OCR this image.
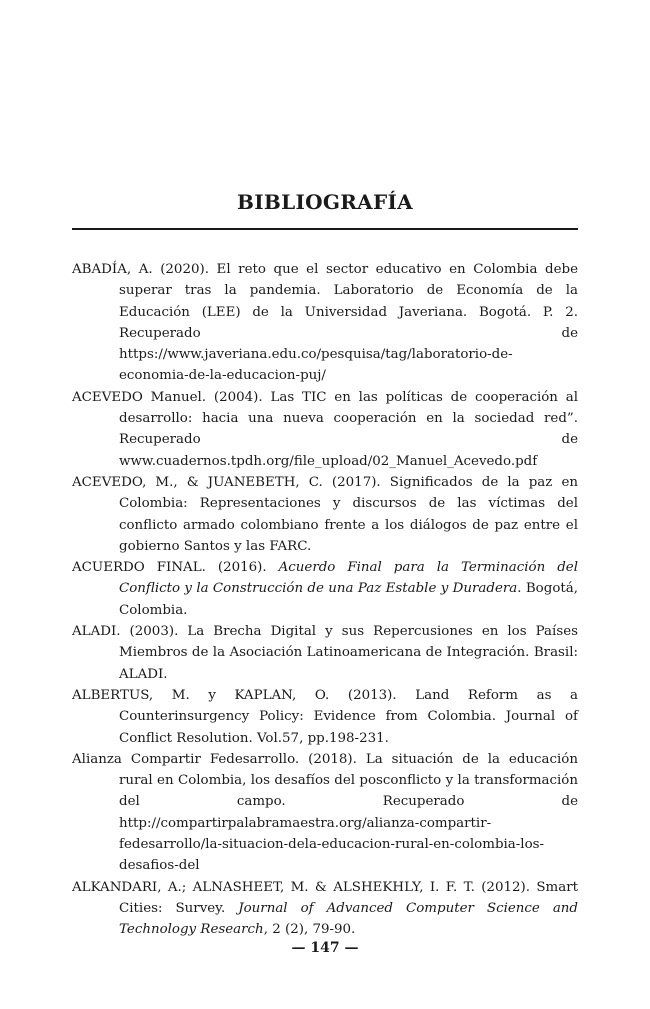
BIBLIOGRAFÍA
ABADÍA, A. (2020). El reto que el sector educativo en Colombia debe superar tras la pandemia. Laboratorio de Economía de la Educación (LEE) de la Universidad Javeriana. Bogotá. P. 2. Recuperado de https://www.javeriana.edu.co/pesquisa/tag/laboratorio-de-economia-de-la-educacion-puj/
ACEVEDO Manuel. (2004). Las TIC en las políticas de cooperación al desarrollo: hacia una nueva cooperación en la sociedad red”. Recuperado de www.cuadernos.tpdh.org/file_upload/02_Manuel_Acevedo.pdf
ACEVEDO, M., & JUANEBETH, C. (2017). Significados de la paz en Colombia: Representaciones y discursos de las víctimas del conflicto armado colombiano frente a los diálogos de paz entre el gobierno Santos y las FARC.
ACUERDO FINAL. (2016). Acuerdo Final para la Terminación del Conflicto y la Construcción de una Paz Estable y Duradera. Bogotá, Colombia.
ALADI. (2003). La Brecha Digital y sus Repercusiones en los Países Miembros de la Asociación Latinoamericana de Integración. Brasil: ALADI.
ALBERTUS, M. y KAPLAN, O. (2013). Land Reform as a Counterinsurgency Policy: Evidence from Colombia. Journal of Conflict Resolution. Vol.57, pp.198-231.
Alianza Compartir Fedesarrollo. (2018). La situación de la educación rural en Colombia, los desafíos del posconflicto y la transformación del campo. Recuperado de http://compartirpalabramaestra.org/alianza-compartir-fedesarrollo/la-situacion-dela-educacion-rural-en-colombia-los-desafios-del
ALKANDARI, A.; ALNASHEET, M. & ALSHEKHLY, I. F. T. (2012). Smart Cities: Survey. Journal of Advanced Computer Science and Technology Research, 2 (2), 79-90.
— 147 —
